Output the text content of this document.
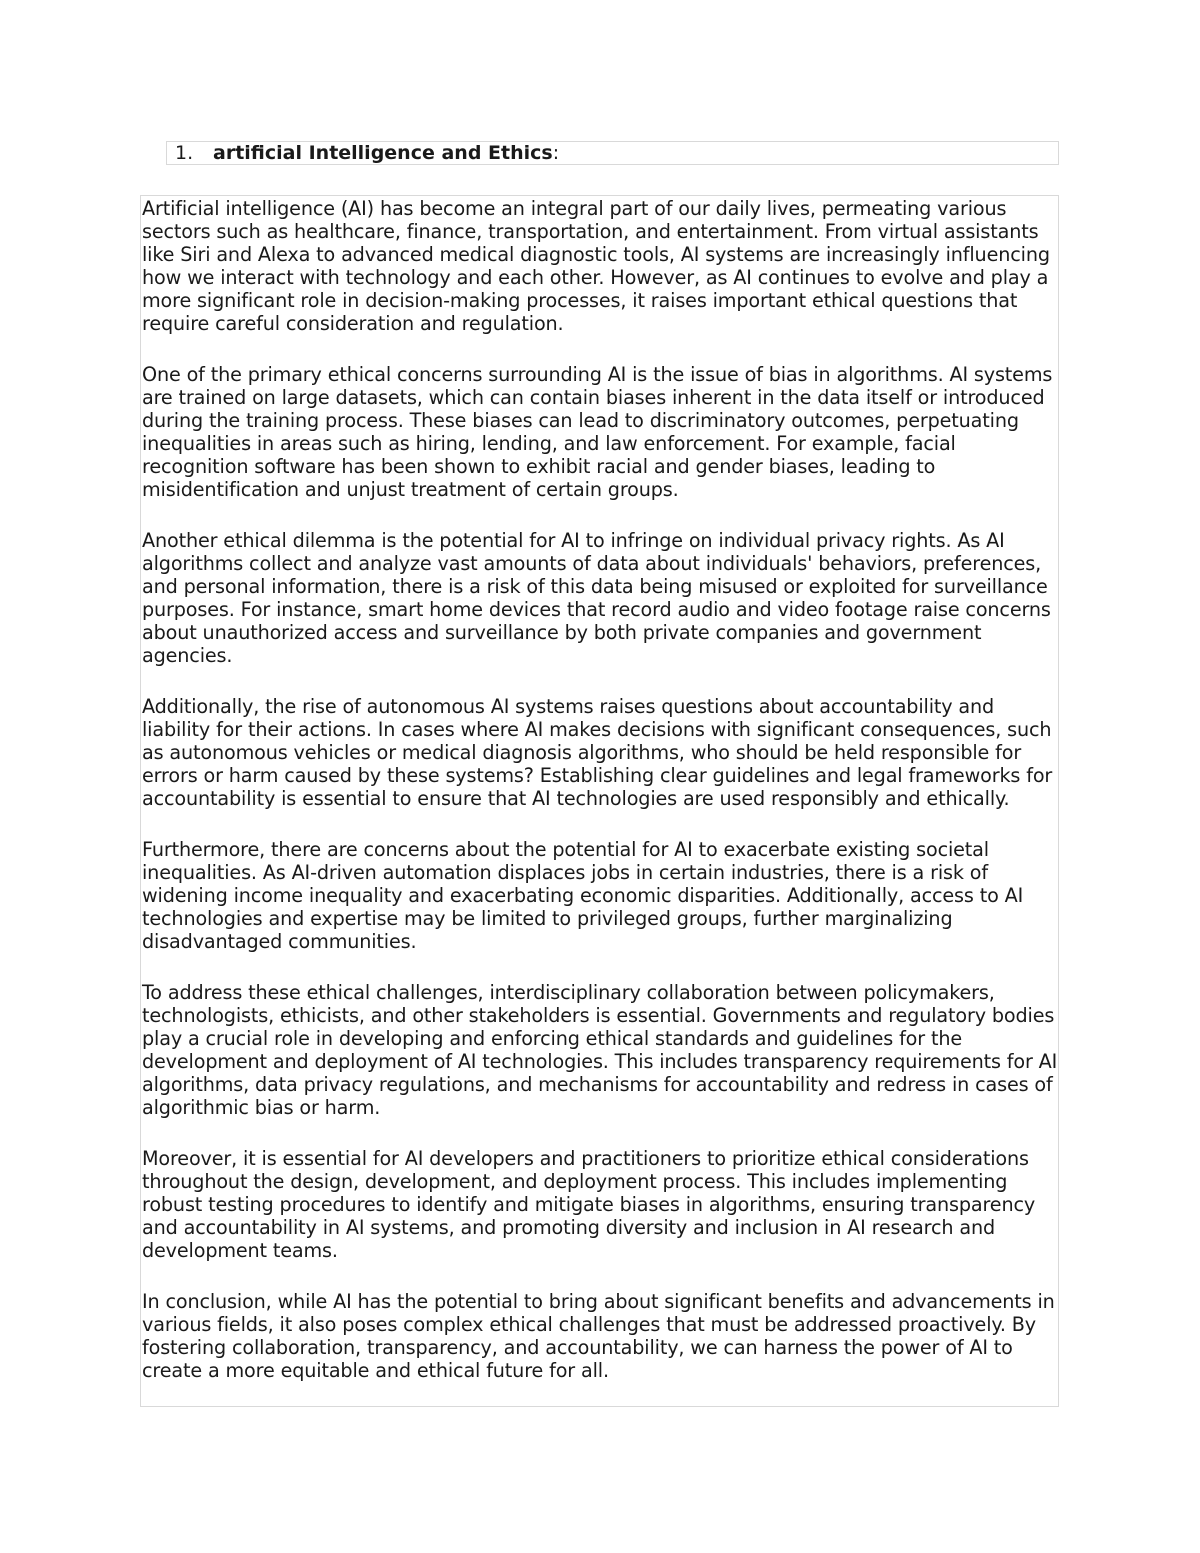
1.	artificial Intelligence and Ethics :

Artificial intelligence (AI) has become an integral part of our daily lives, permeating various sectors such as healthcare, finance, transportation, and entertainment. From virtual assistants like Siri and Alexa to advanced medical diagnostic tools, AI systems are increasingly influencing how we interact with technology and each other. However, as AI continues to evolve and play a more significant role in decision-making processes, it raises important ethical questions that require careful consideration and regulation.

One of the primary ethical concerns surrounding AI is the issue of bias in algorithms. AI systems are trained on large datasets, which can contain biases inherent in the data itself or introduced during the training process. These biases can lead to discriminatory outcomes, perpetuating inequalities in areas such as hiring, lending, and law enforcement. For example, facial recognition software has been shown to exhibit racial and gender biases, leading to misidentification and unjust treatment of certain groups.

Another ethical dilemma is the potential for AI to infringe on individual privacy rights. As AI algorithms collect and analyze vast amounts of data about individuals' behaviors, preferences, and personal information, there is a risk of this data being misused or exploited for surveillance purposes. For instance, smart home devices that record audio and video footage raise concerns about unauthorized access and surveillance by both private companies and government agencies.

Additionally, the rise of autonomous AI systems raises questions about accountability and liability for their actions. In cases where AI makes decisions with significant consequences, such as autonomous vehicles or medical diagnosis algorithms, who should be held responsible for errors or harm caused by these systems? Establishing clear guidelines and legal frameworks for accountability is essential to ensure that AI technologies are used responsibly and ethically.

Furthermore, there are concerns about the potential for AI to exacerbate existing societal inequalities. As AI-driven automation displaces jobs in certain industries, there is a risk of widening income inequality and exacerbating economic disparities. Additionally, access to AI technologies and expertise may be limited to privileged groups, further marginalizing disadvantaged communities.

To address these ethical challenges, interdisciplinary collaboration between policymakers, technologists, ethicists, and other stakeholders is essential. Governments and regulatory bodies play a crucial role in developing and enforcing ethical standards and guidelines for the development and deployment of AI technologies. This includes transparency requirements for AI algorithms, data privacy regulations, and mechanisms for accountability and redress in cases of algorithmic bias or harm.

Moreover, it is essential for AI developers and practitioners to prioritize ethical considerations throughout the design, development, and deployment process. This includes implementing robust testing procedures to identify and mitigate biases in algorithms, ensuring transparency and accountability in AI systems, and promoting diversity and inclusion in AI research and development teams.

In conclusion, while AI has the potential to bring about significant benefits and advancements in various fields, it also poses complex ethical challenges that must be addressed proactively. By fostering collaboration, transparency, and accountability, we can harness the power of AI to create a more equitable and ethical future for all.
